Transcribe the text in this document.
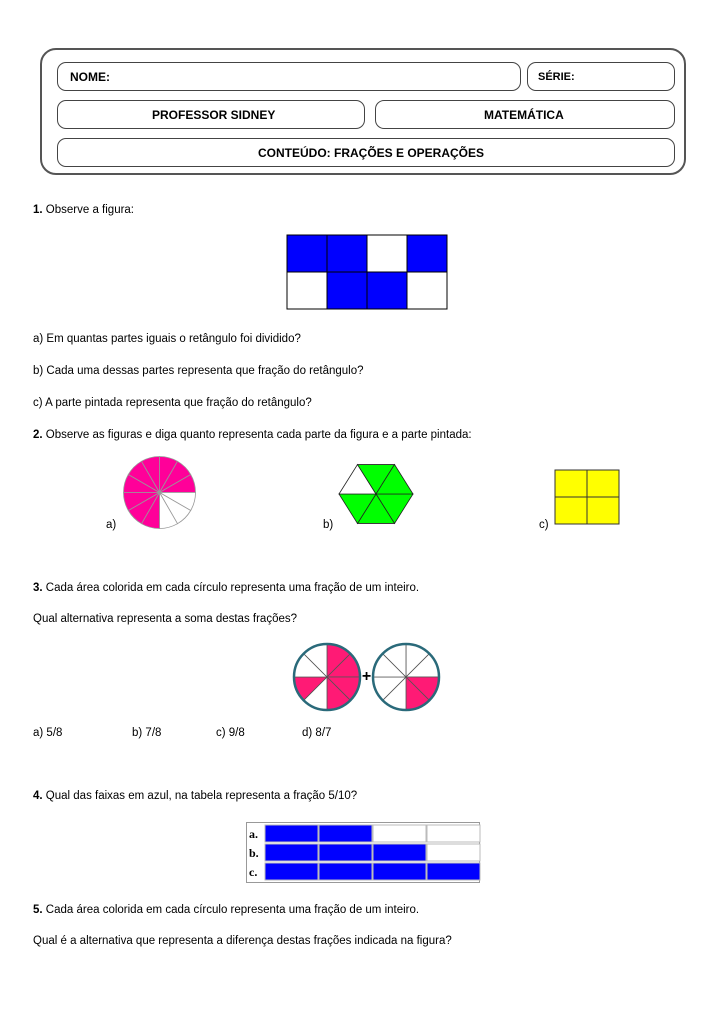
NOME:	SÉRIE:
PROFESSOR SIDNEY	MATEMÁTICA
CONTEÚDO: FRAÇÕES E OPERAÇÕES
1. Observe a figura:
a) Em quantas partes iguais o retângulo foi dividido?
b) Cada uma dessas partes representa que fração do retângulo?
c) A parte pintada representa que fração do retângulo?
2. Observe as figuras e diga quanto representa cada parte da figura e a parte pintada:
a)	b)	c)
3. Cada área colorida em cada círculo representa uma fração de um inteiro.
Qual alternativa representa a soma destas frações?
+
a) 5/8	b) 7/8	c) 9/8	d) 8/7
4. Qual das faixas em azul, na tabela representa a fração 5/10?
a.
b.
c.
5. Cada área colorida em cada círculo representa uma fração de um inteiro.
Qual é a alternativa que representa a diferença destas frações indicada na figura?
